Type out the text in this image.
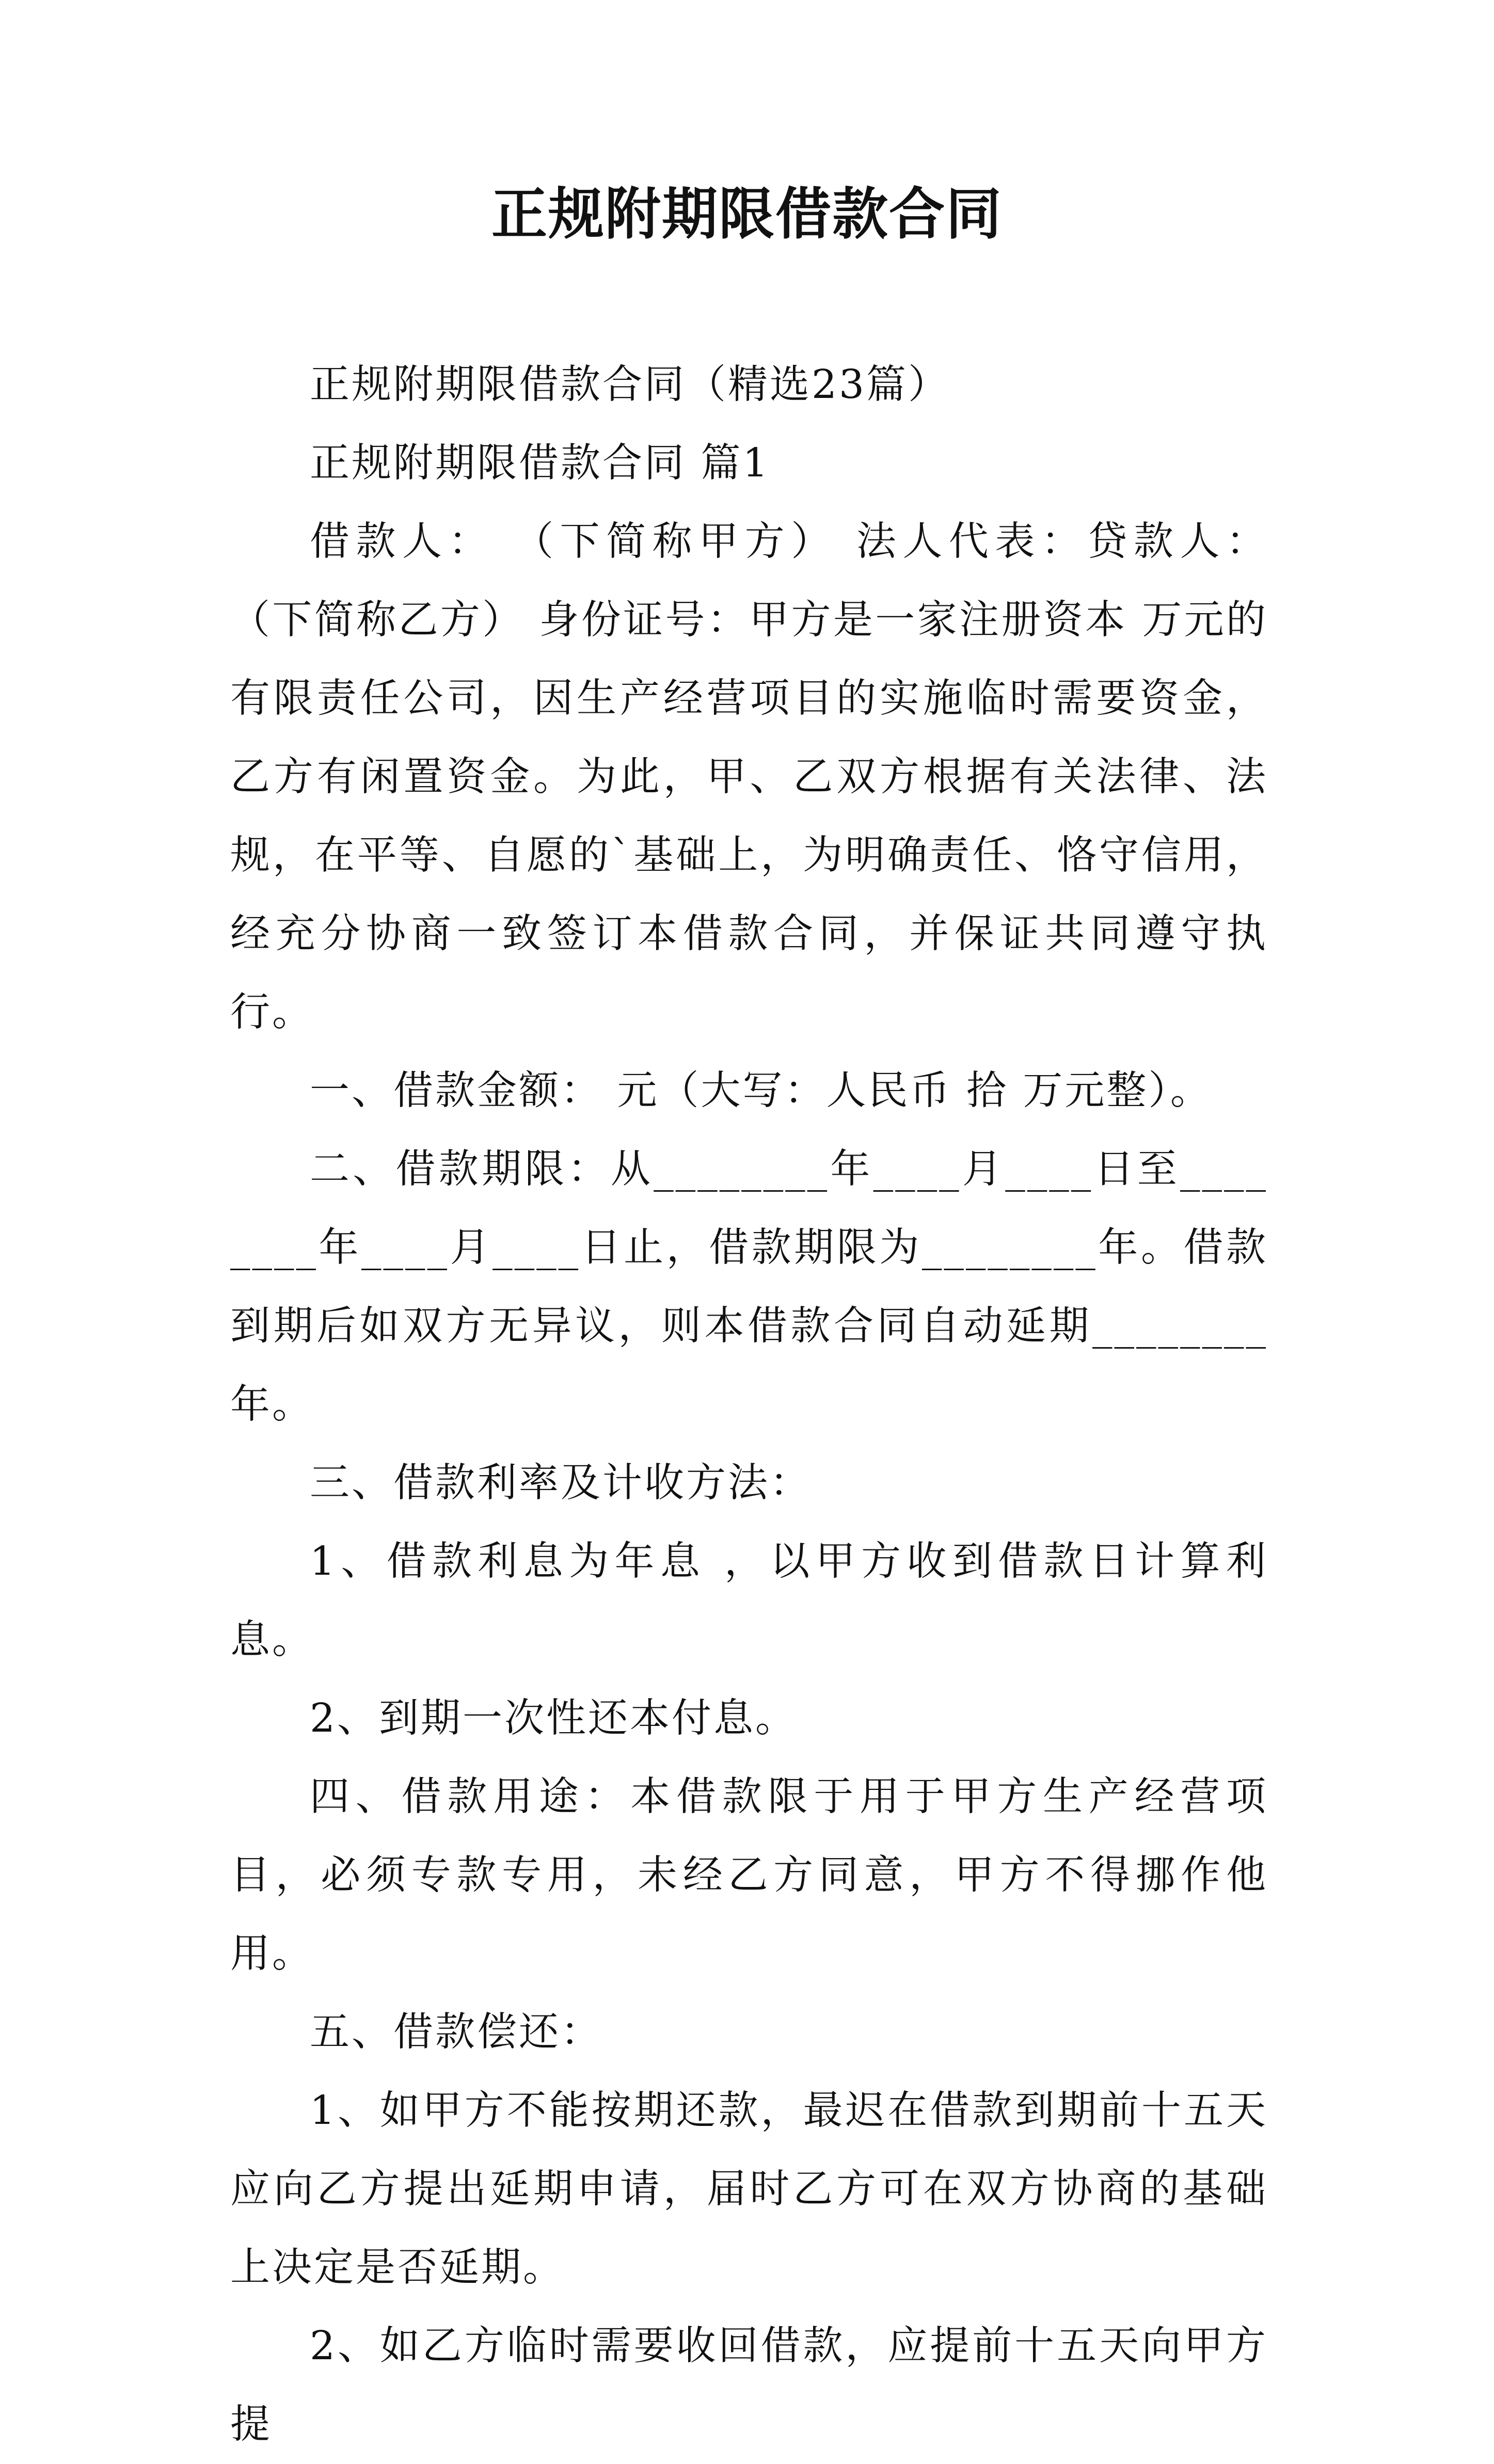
正规附期限借款合同

正规附期限借款合同（精选23篇）

正规附期限借款合同 篇1

借款人： （下简称甲方） 法人代表：贷款人： （下简称乙方） 身份证号：甲方是一家注册资本 万元的有限责任公司，因生产经营项目的实施临时需要资金，乙方有闲置资金。为此，甲、乙双方根据有关法律、法规，在平等、自愿的`基础上，为明确责任、恪守信用，经充分协商一致签订本借款合同，并保证共同遵守执行。

一、借款金额： 元（大写：人民币 拾 万元整）。

二、借款期限：从________年____月____日至________年____月____日止，借款期限为________年。借款到期后如双方无异议，则本借款合同自动延期________年。

三、借款利率及计收方法：

1、借款利息为年息 ，以甲方收到借款日计算利息。

2、到期一次性还本付息。

四、借款用途：本借款限于用于甲方生产经营项目，必须专款专用，未经乙方同意，甲方不得挪作他用。

五、借款偿还：

1、如甲方不能按期还款，最迟在借款到期前十五天应向乙方提出延期申请，届时乙方可在双方协商的基础上决定是否延期。

2、如乙方临时需要收回借款，应提前十五天向甲方提
